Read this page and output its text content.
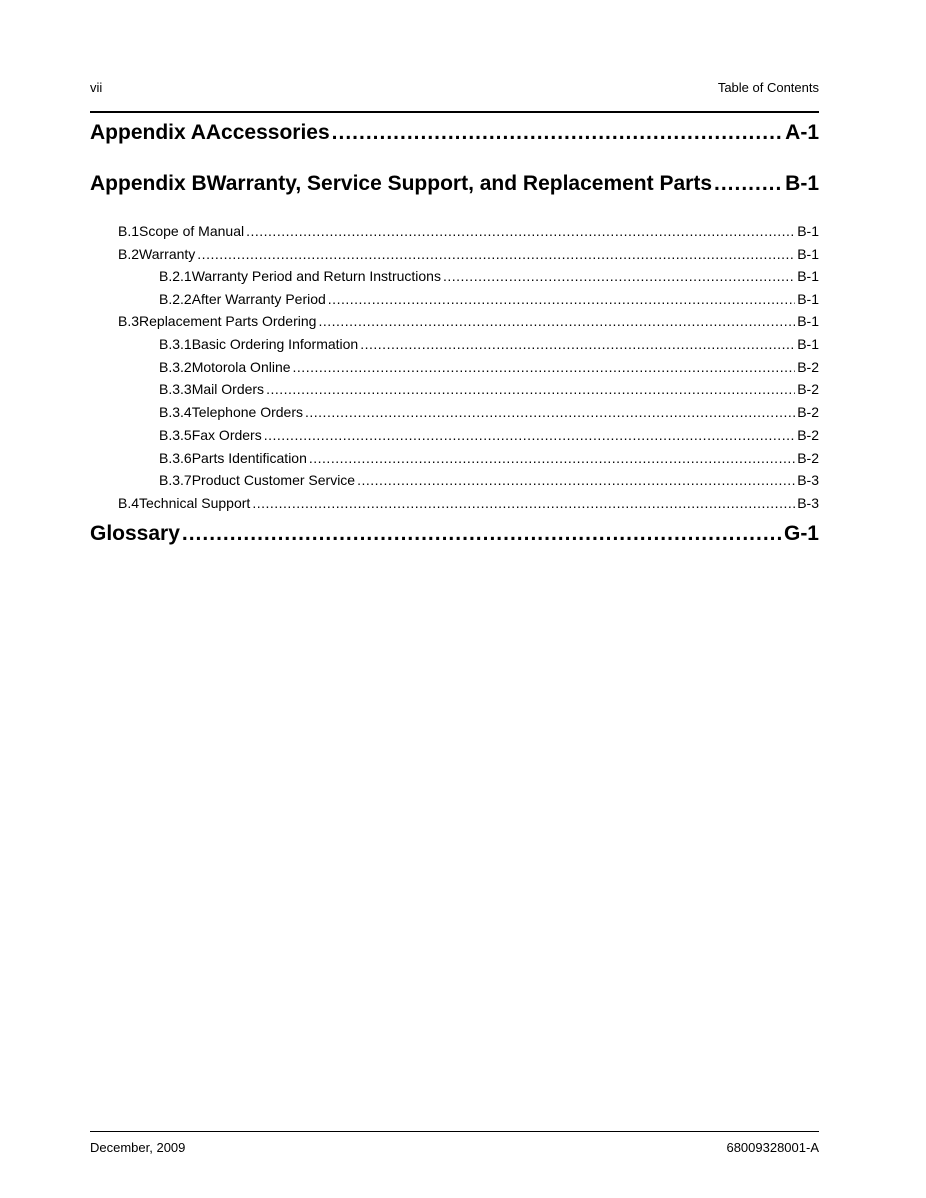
vii	Table of Contents
Appendix A Accessories .....	A-1
Appendix B Warranty, Service Support, and Replacement Parts .....	B-1
B.1 Scope of Manual .....	B-1
B.2 Warranty .....	B-1
B.2.1 Warranty Period and Return Instructions .....	B-1
B.2.2 After Warranty Period .....	B-1
B.3 Replacement Parts Ordering .....	B-1
B.3.1 Basic Ordering Information .....	B-1
B.3.2 Motorola Online .....	B-2
B.3.3 Mail Orders .....	B-2
B.3.4 Telephone Orders .....	B-2
B.3.5 Fax Orders .....	B-2
B.3.6 Parts Identification .....	B-2
B.3.7 Product Customer Service .....	B-3
B.4 Technical Support .....	B-3
Glossary .....	G-1
December, 2009	68009328001-A
